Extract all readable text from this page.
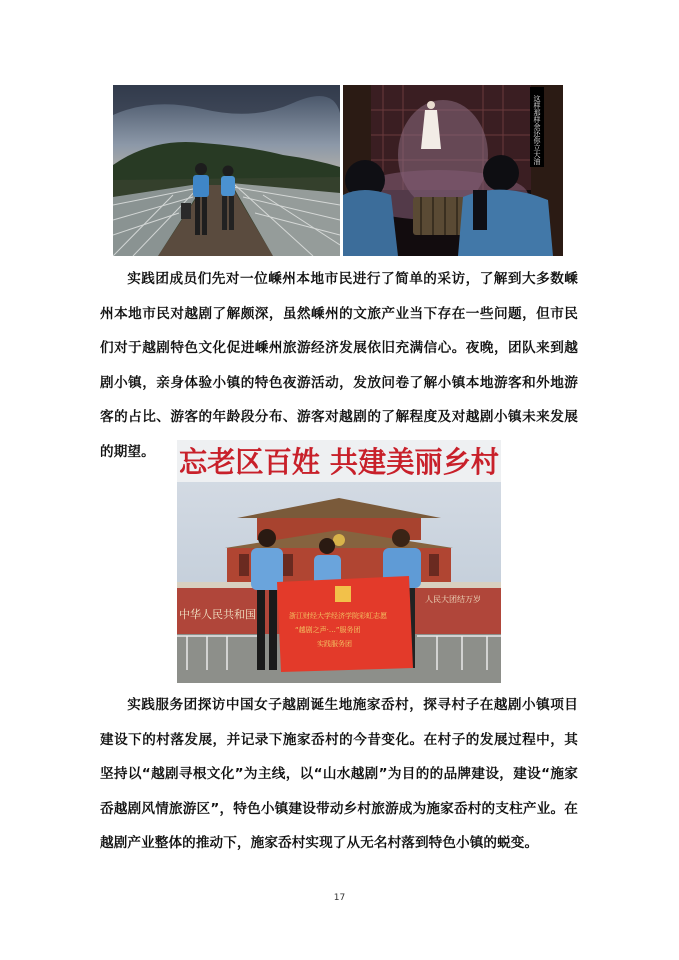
这样那样余还你立大油

实践团成员们先对一位嵊州本地市民进行了简单的采访，了解到大多数嵊州本地市民对越剧了解颇深，虽然嵊州的文旅产业当下存在一些问题，但市民们对于越剧特色文化促进嵊州旅游经济发展依旧充满信心。夜晚，团队来到越剧小镇，亲身体验小镇的特色夜游活动，发放问卷了解小镇本地游客和外地游客的占比、游客的年龄段分布、游客对越剧的了解程度及对越剧小镇未来发展的期望。 忘老区百姓 共建美丽乡村
中华人民共和国
人民大团结万岁
浙江财经大学经济学院彩虹志愿
“越剧之声·…”服务团
实践服务团

实践服务团探访中国女子越剧诞生地施家岙村，探寻村子在越剧小镇项目建设下的村落发展，并记录下施家岙村的今昔变化。在村子的发展过程中，其坚持以“越剧寻根文化”为主线，以“山水越剧”为目的的品牌建设，建设“施家岙越剧风情旅游区”，特色小镇建设带动乡村旅游成为施家岙村的支柱产业。在越剧产业整体的推动下，施家岙村实现了从无名村落到特色小镇的蜕变。

17
